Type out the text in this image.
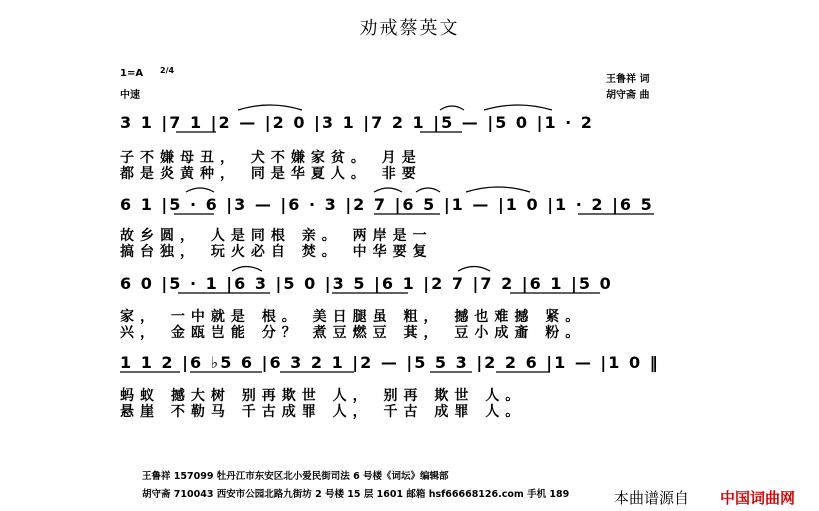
劝戒蔡英文
1=A 2/4
中速
王鲁祥 词
胡守斋 曲
3 1 |7 1 |2 — |2 0 |3 1 |7 2 1 |5 — |5 0 |1 · 2
子不嫌母丑， 犬不嫌家贫。 月是
都是炎黄种， 同是华夏人。 非要
6 1 |5 · 6 |3 — |6 · 3 |2 7 |6 5 |1 — |1 0 |1 · 2 |6 5
故乡圆， 人是同根 亲。 两岸是一
搞台独， 玩火必自 焚。 中华要复
6 0 |5 · 1 |6 3 |5 0 |3 5 |6 1 |2 7 |7 2 |6 1 |5 0
家， 一中就是 根。 美日腿虽 粗， 撼也难撼 紧。
兴， 金瓯岂能 分？ 煮豆燃豆 萁， 豆小成齑 粉。
1 1 2 |6 ♭5 6 |6 3 2 1 |2 — |5 5 3 |2 2 6 |1 — |1 0 ‖
蚂蚁 撼大树 别再欺世 人， 别再 欺世 人。
悬崖 不勒马 千古成罪 人， 千古 成罪 人。
王鲁祥 157099 牡丹江市东安区北小爱民街司法 6 号楼《词坛》编辑部
胡守斋 710043 西安市公园北路九街坊 2 号楼 15 层 1601 邮箱 hsf66668126.com 手机 189	本曲谱源自 中国词曲网
